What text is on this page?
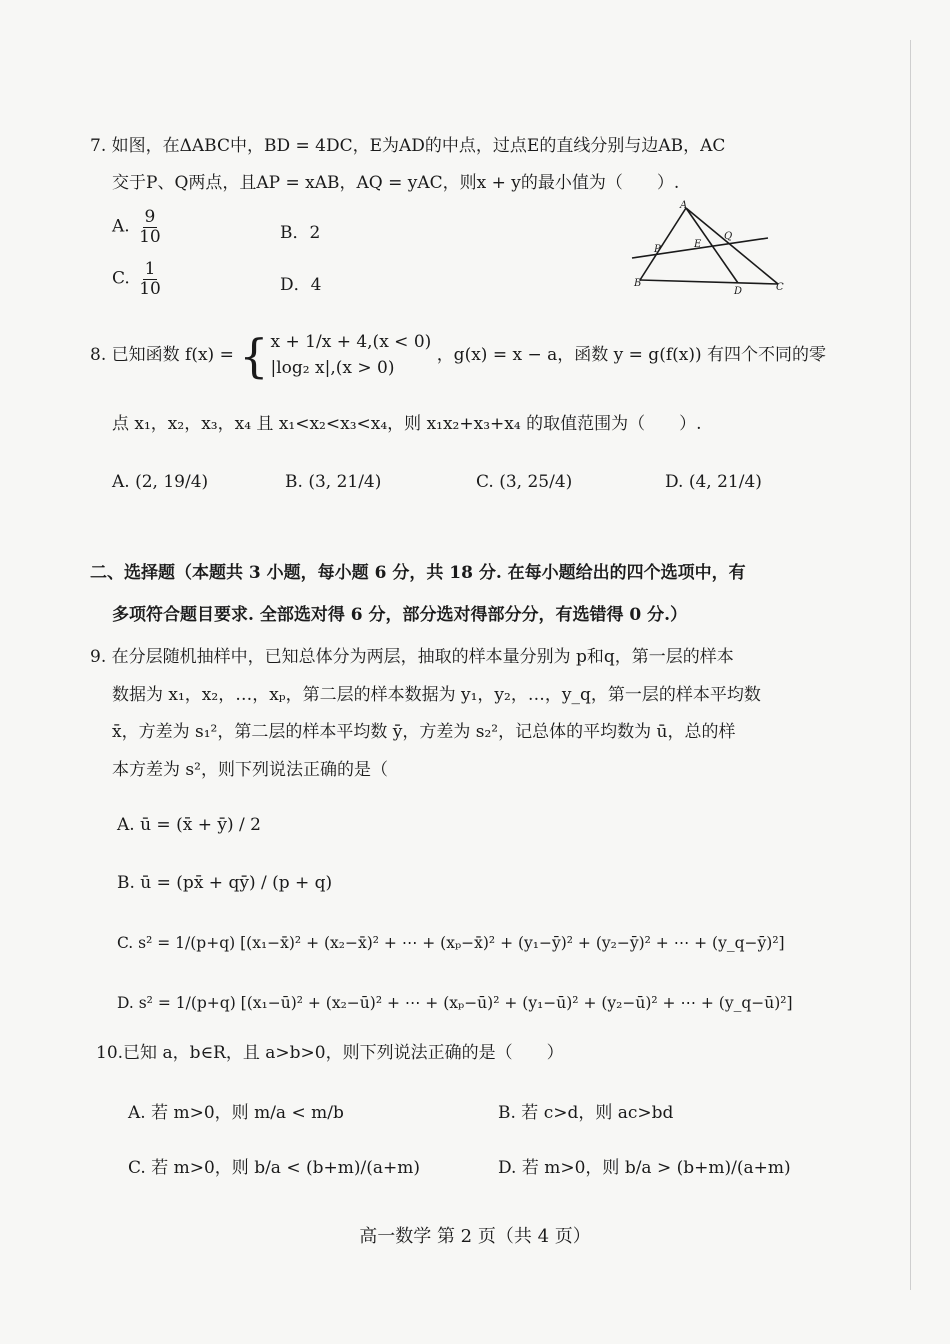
7. 如图，在ΔABC中，BD = 4DC，E为AD的中点，过点E的直线分别与边AB，AC
交于P、Q两点，且AP = xAB，AQ = yAC，则x + y的最小值为（　　）.
A. $\frac{9}{10}$	B．2
C. $\frac{1}{10}$	D．4
A
B	C
D
E
P
Q
8. 已知函数 f(x) = { x + 1/x + 4,(x < 0)
|log₂ x|,(x > 0)
，g(x) = x − a，函数 y = g(f(x)) 有四个不同的零
点 x₁，x₂，x₃，x₄ 且 x₁<x₂<x₃<x₄，则 x₁x₂+x₃+x₄ 的取值范围为（　　）.
A. (2, 19/4)	B. (3, 21/4)	C. (3, 25/4)	D. (4, 21/4)
二、选择题（本题共 3 小题，每小题 6 分，共 18 分. 在每小题给出的四个选项中，有
多项符合题目要求. 全部选对得 6 分，部分选对得部分分，有选错得 0 分.）
9. 在分层随机抽样中，已知总体分为两层，抽取的样本量分别为 p和q，第一层的样本
数据为 x₁，x₂，…，xₚ，第二层的样本数据为 y₁，y₂，…，y_q，第一层的样本平均数
x̄，方差为 s₁²，第二层的样本平均数 ȳ，方差为 s₂²，记总体的平均数为 ū，总的样
本方差为 s²，则下列说法正确的是（
A. ū = (x̄ + ȳ) / 2
B. ū = (px̄ + qȳ) / (p + q)
C. s² = 1/(p+q) [(x₁−x̄)² + (x₂−x̄)² + ⋯ + (xₚ−x̄)² + (y₁−ȳ)² + (y₂−ȳ)² + ⋯ + (y_q−ȳ)²]
D. s² = 1/(p+q) [(x₁−ū)² + (x₂−ū)² + ⋯ + (xₚ−ū)² + (y₁−ū)² + (y₂−ū)² + ⋯ + (y_q−ū)²]
10.已知 a，b∈R，且 a>b>0，则下列说法正确的是（　　）
A. 若 m>0，则 m/a < m/b	B. 若 c>d，则 ac>bd
C. 若 m>0，则 b/a < (b+m)/(a+m)	D. 若 m>0，则 b/a > (b+m)/(a+m)
高一数学 第 2 页（共 4 页）
